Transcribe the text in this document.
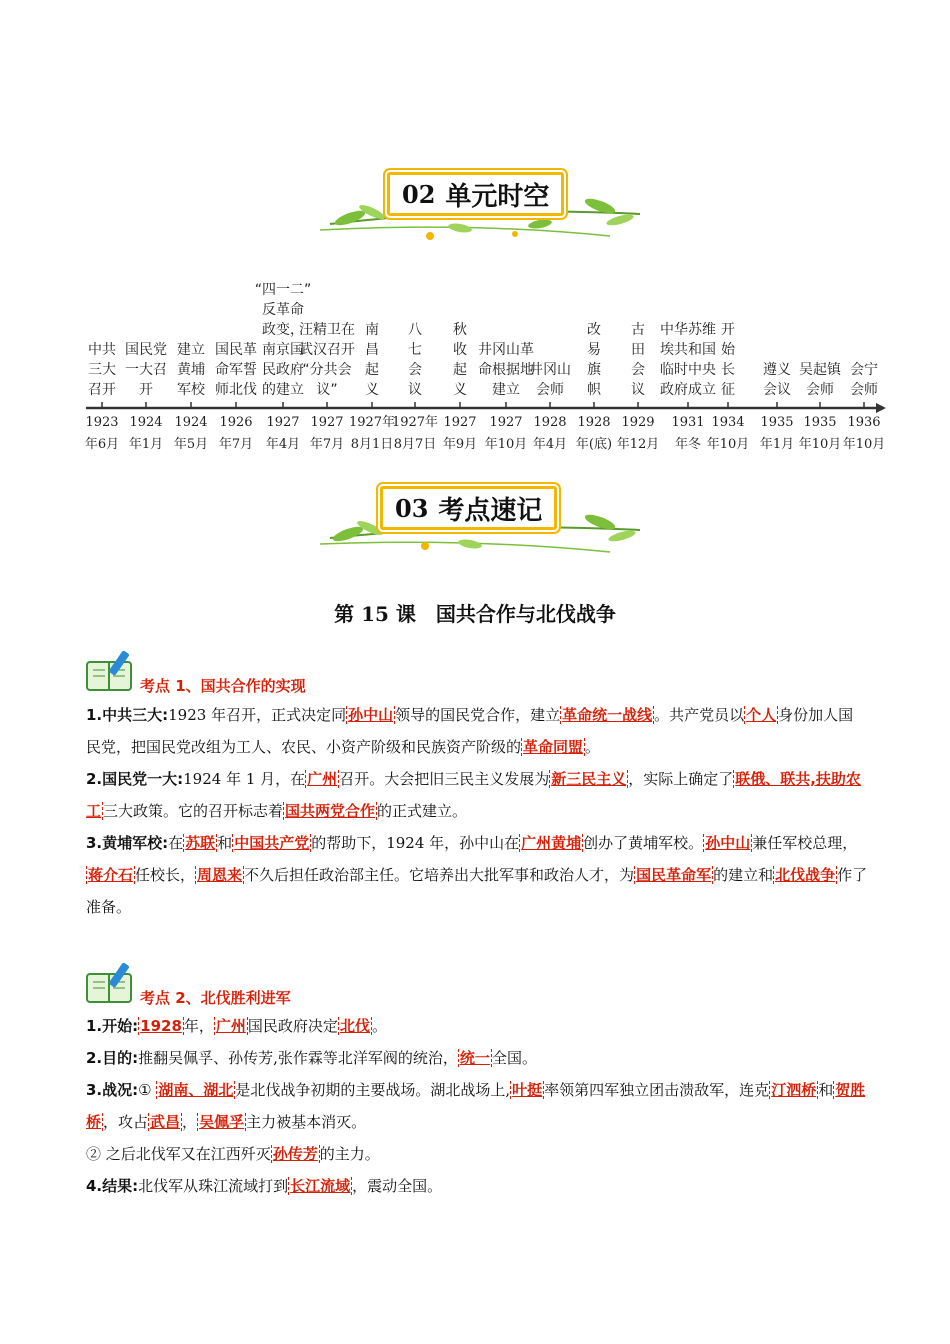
02 单元时空
中共
三大
召开
1923
年6月
国民党
一大召
开
1924
年1月
建立
黄埔
军校
1924
年5月
国民革
命军誓
师北伐
1926
年7月
“四一二”
反革命
政变，
南京国
民政府
的建立
1927
年4月
汪精卫在
武汉召开
“分共会
议”
1927
年7月
南
昌
起
义
1927年
8月1日
八
七
会
议
1927年
8月7日
秋
收
起
义
1927
年9月
井冈山革
命根据地
建立
1927
年10月
井冈山
会师
1928
年4月
改
易
旗
帜
1928
年(底)
古
田
会
议
1929
年12月
中华苏维
埃共和国
临时中央
政府成立
1931
年冬
开
始
长
征
1934
年10月
遵义
会议
1935
年1月
吴起镇
会师
1935
年10月
会宁
会师
1936
年10月
03 考点速记
第 15 课　国共合作与北伐战争
考点 1、国共合作的实现
1.中共三大:1923 年召开，正式决定同 孙中山 领导的国民党合作，建立 革命统一战线 。共产党员以 个人 身份加人国民党，把国民党改组为工人、农民、小资产阶级和民族资产阶级的 革命同盟 。
2.国民党一大:1924 年 1 月，在 广州 召开。大会把旧三民主义发展为 新三民主义 ，实际上确定了 联俄、联共,扶助农工 三大政策。它的召开标志着 国共两党合作 的正式建立。
3.黄埔军校:在 苏联 和 中国共产党 的帮助下，1924 年，孙中山在 广州黄埔 创办了黄埔军校。 孙中山 兼任军校总理，蒋介石 任校长， 周恩来 不久后担任政治部主任。它培养出大批军事和政治人才，为 国民革命军 的建立和 北伐战争 作了准备。
考点 2、北伐胜利进军
1.开始: 1928 年， 广州 国民政府决定 北伐 。
2.目的:推翻吴佩孚、孙传芳,张作霖等北洋军阀的统治， 统一 全国。
3.战况:① 湖南、湖北 是北伐战争初期的主要战场。湖北战场上, 叶挺 率领第四军独立团击溃敌军，连克 汀泗桥 和 贺胜桥 ，攻占 武昌 ， 吴佩孚 主力被基本消灭。
② 之后北伐军又在江西歼灭 孙传芳 的主力。
4.结果:北伐军从珠江流域打到 长江流域 ，震动全国。
